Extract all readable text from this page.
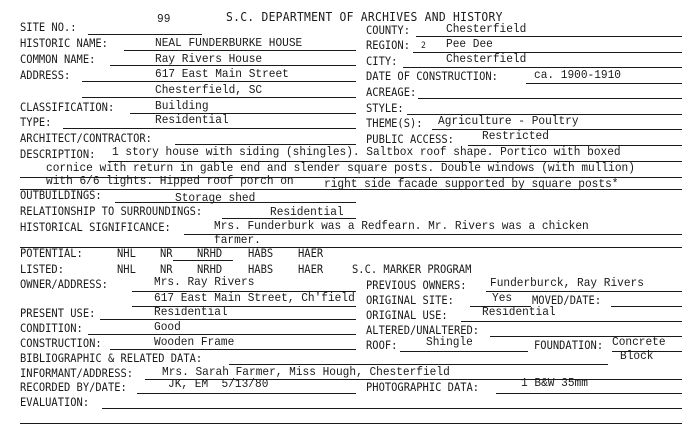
SITE NO.:
99	S.C. DEPARTMENT OF ARCHIVES AND HISTORY
HISTORIC NAME:	NEAL FUNDERBURKE HOUSE
COUNTY:	Chesterfield
REGION: 2 Pee Dee
COMMON NAME:	Ray Rivers House	CITY:	Chesterfield
ADDRESS:	617 East Main Street
Chesterfield, SC
DATE OF CONSTRUCTION:	ca. 1900-1910
ACREAGE:
CLASSIFICATION:	Building	STYLE:
TYPE:	Residential	THEME(S): Agriculture - Poultry
ARCHITECT/CONTRACTOR:	PUBLIC ACCESS: Restricted
DESCRIPTION: 1 story house with siding (shingles). Saltbox roof shape. Portico with boxed
cornice with return in gable end and slender square posts. Double windows (with mullion)
with 6/6 lights. Hipped roof porch on right side facade supported by square posts*
OUTBUILDINGS:	Storage shed
RELATIONSHIP TO SURROUNDINGS:	Residential
HISTORICAL SIGNIFICANCE:	Mrs. Funderburk was a Redfearn. Mr. Rivers was a chicken
farmer.
POTENTIAL:	NHL NR NRHD HABS HAER
LISTED:	NHL NR NRHD HABS HAER S.C. MARKER PROGRAM
OWNER/ADDRESS:	Mrs. Ray Rivers
617 East Main Street, Ch'field
PREVIOUS OWNERS: Funderburck, Ray Rivers
ORIGINAL SITE:	Yes MOVED/DATE:
PRESENT USE:	Residential	ORIGINAL USE:	Residential
CONDITION:	Good	ALTERED/UNALTERED:
CONSTRUCTION:	Wooden Frame	ROOF: Shingle	FOUNDATION: Concrete
Block
BIBLIOGRAPHIC & RELATED DATA:
INFORMANT/ADDRESS: Mrs. Sarah Farmer, Miss Hough, Chesterfield
RECORDED BY/DATE:	JK, EM  5/13/80	PHOTOGRAPHIC DATA:	1 B&W 35mm
EVALUATION:
